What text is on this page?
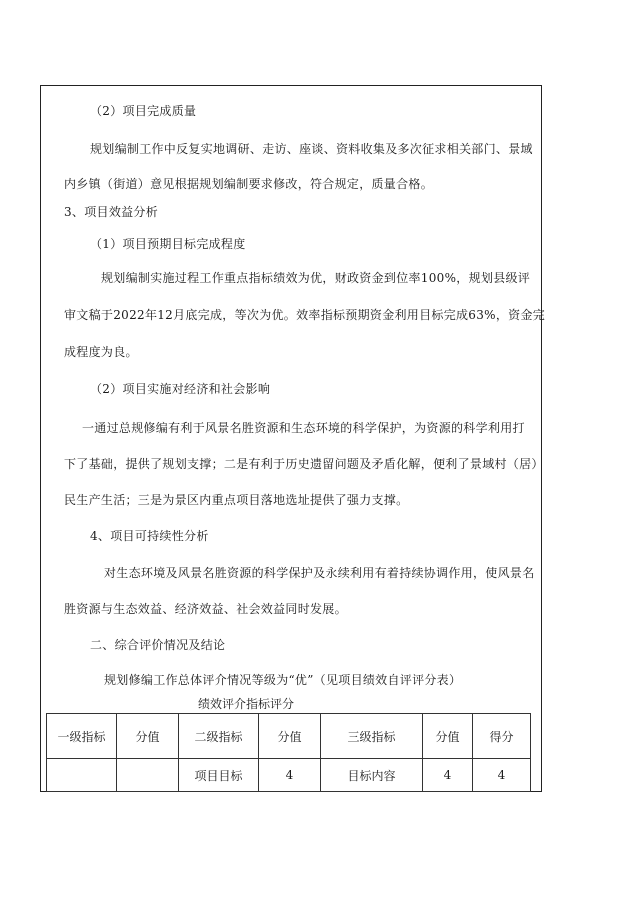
（2）项目完成质量
规划编制工作中反复实地调研、走访、座谈、资料收集及多次征求相关部门、景域
内乡镇（街道）意见根据规划编制要求修改，符合规定，质量合格。
3、项目效益分析
（1）项目预期目标完成程度
规划编制实施过程工作重点指标绩效为优，财政资金到位率100%，规划县级评
审文稿于2022年12月底完成，等次为优。效率指标预期资金利用目标完成63%，资金完
成程度为良。
（2）项目实施对经济和社会影响
一通过总规修编有利于风景名胜资源和生态环境的科学保护，为资源的科学利用打
下了基础，提供了规划支撑；二是有利于历史遗留问题及矛盾化解，便利了景域村（居）
民生产生活；三是为景区内重点项目落地选址提供了强力支撑。
4、项目可持续性分析
对生态环境及风景名胜资源的科学保护及永续利用有着持续协调作用，使风景名
胜资源与生态效益、经济效益、社会效益同时发展。
二、综合评价情况及结论
规划修编工作总体评介情况等级为“优”（见项目绩效自评评分表）
绩效评介指标评分
一级指标	分值	二级指标	分值	三级指标	分值	得分
		项目目标	4	目标内容	4	4
